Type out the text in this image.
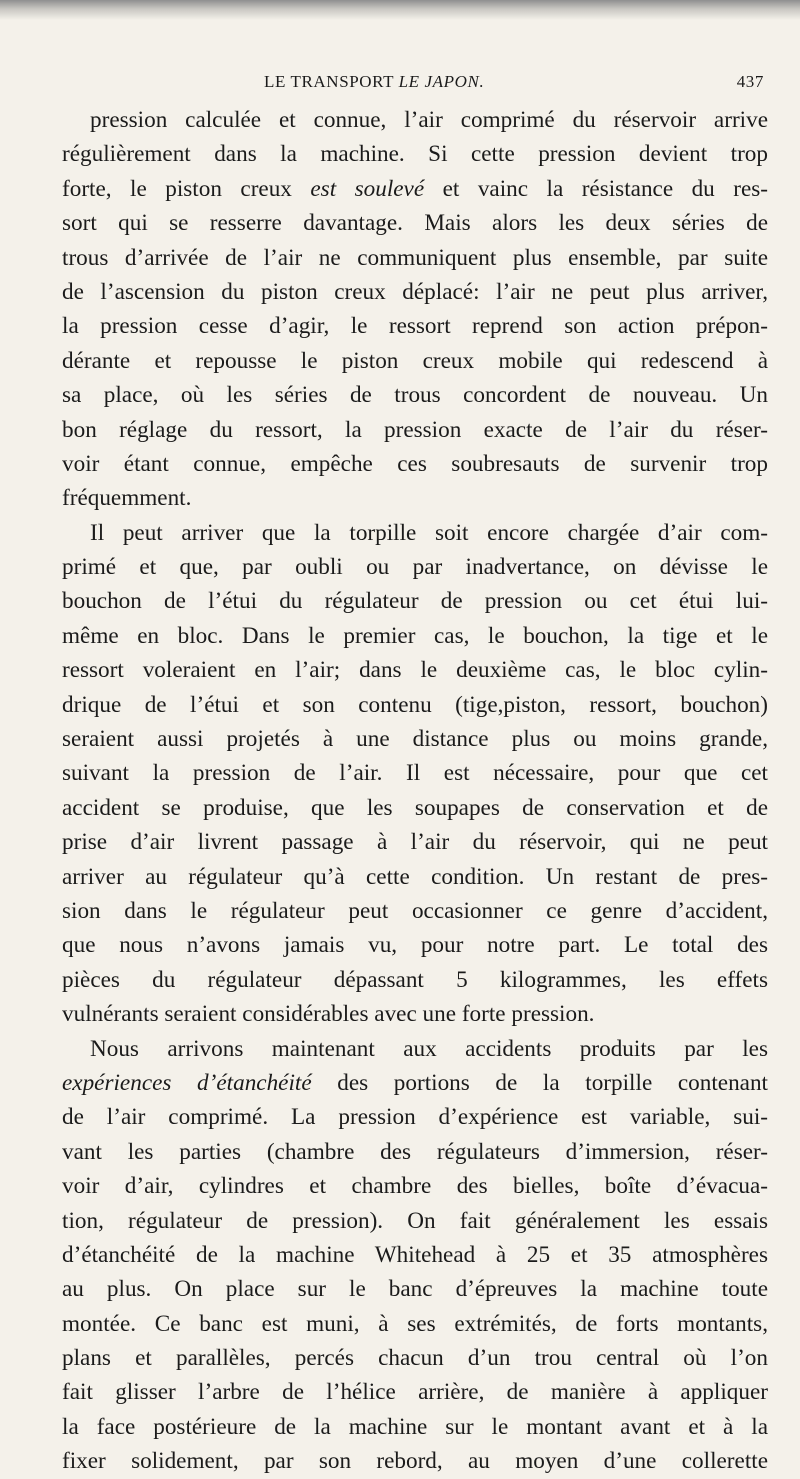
LE TRANSPORT LE JAPON.	437
pression calculée et connue, l’air comprimé du réservoir arrive
régulièrement dans la machine. Si cette pression devient trop
forte, le piston creux est soulevé et vainc la résistance du res-
sort qui se resserre davantage. Mais alors les deux séries de
trous d’arrivée de l’air ne communiquent plus ensemble, par suite
de l’ascension du piston creux déplacé: l’air ne peut plus arriver,
la pression cesse d’agir, le ressort reprend son action prépon-
dérante et repousse le piston creux mobile qui redescend à
sa place, où les séries de trous concordent de nouveau. Un
bon réglage du ressort, la pression exacte de l’air du réser-
voir étant connue, empêche ces soubresauts de survenir trop
fréquemment.
Il peut arriver que la torpille soit encore chargée d’air com-
primé et que, par oubli ou par inadvertance, on dévisse le
bouchon de l’étui du régulateur de pression ou cet étui lui-
même en bloc. Dans le premier cas, le bouchon, la tige et le
ressort voleraient en l’air; dans le deuxième cas, le bloc cylin-
drique de l’étui et son contenu (tige,piston, ressort, bouchon)
seraient aussi projetés à une distance plus ou moins grande,
suivant la pression de l’air. Il est nécessaire, pour que cet
accident se produise, que les soupapes de conservation et de
prise d’air livrent passage à l’air du réservoir, qui ne peut
arriver au régulateur qu’à cette condition. Un restant de pres-
sion dans le régulateur peut occasionner ce genre d’accident,
que nous n’avons jamais vu, pour notre part. Le total des
pièces du régulateur dépassant 5 kilogrammes, les effets
vulnérants seraient considérables avec une forte pression.
Nous arrivons maintenant aux accidents produits par les
expériences d’étanchéité des portions de la torpille contenant
de l’air comprimé. La pression d’expérience est variable, sui-
vant les parties (chambre des régulateurs d’immersion, réser-
voir d’air, cylindres et chambre des bielles, boîte d’évacua-
tion, régulateur de pression). On fait généralement les essais
d’étanchéité de la machine Whitehead à 25 et 35 atmosphères
au plus. On place sur le banc d’épreuves la machine toute
montée. Ce banc est muni, à ses extrémités, de forts montants,
plans et parallèles, percés chacun d’un trou central où l’on
fait glisser l’arbre de l’hélice arrière, de manière à appliquer
la face postérieure de la machine sur le montant avant et à la
fixer solidement, par son rebord, au moyen d’une collerette
